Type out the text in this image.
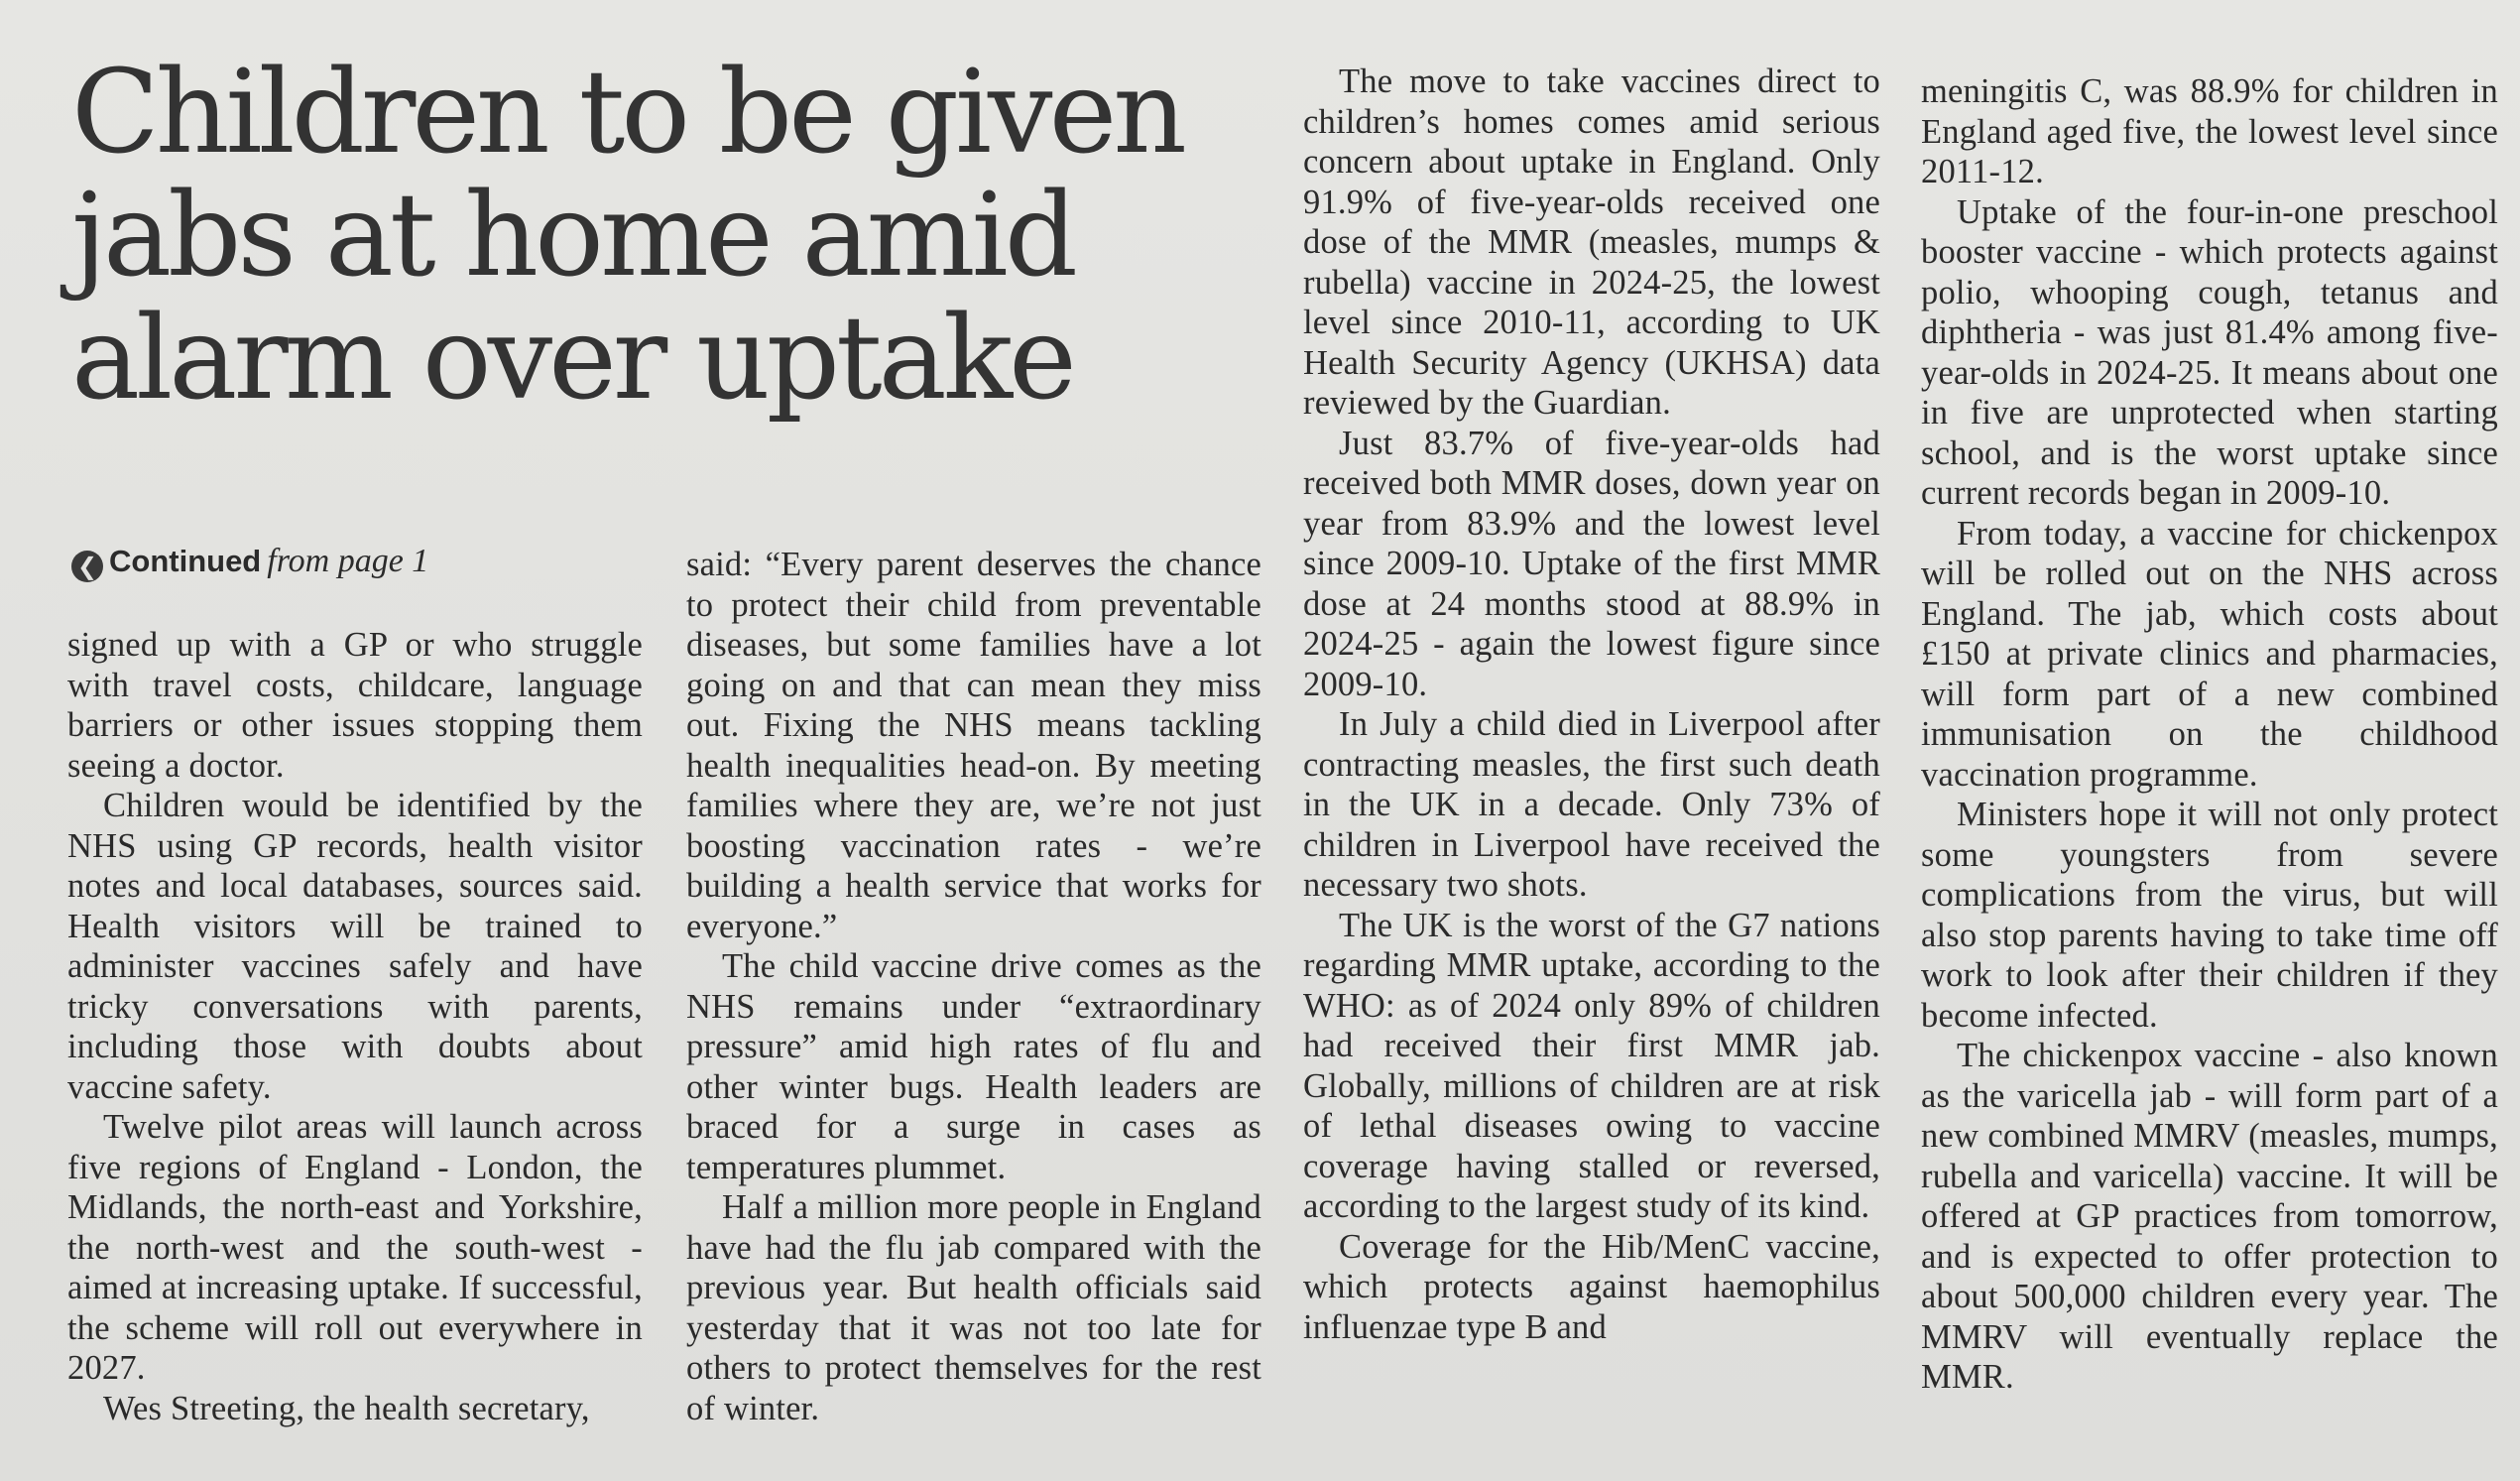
Children to be given
jabs at home amid
alarm over uptake
❮ Continued from page 1

signed up with a GP or who struggle with travel costs, childcare, language barriers or other issues stopping them seeing a doctor.

Children would be identified by the NHS using GP records, health visitor notes and local databases, sources said. Health visitors will be trained to administer vaccines safely and have tricky conversations with parents, including those with doubts about vaccine safety.

Twelve pilot areas will launch across five regions of England - London, the Midlands, the north-east and Yorkshire, the north-west and the south-west - aimed at increasing uptake. If successful, the scheme will roll out everywhere in 2027.

Wes Streeting, the health secretary,

said: “Every parent deserves the chance to protect their child from preventable diseases, but some families have a lot going on and that can mean they miss out. Fixing the NHS means tackling health inequalities head-on. By meeting families where they are, we’re not just boosting vaccination rates - we’re building a health service that works for everyone.”

The child vaccine drive comes as the NHS remains under “extraordinary pressure” amid high rates of flu and other winter bugs. Health leaders are braced for a surge in cases as temperatures plummet.

Half a million more people in England have had the flu jab compared with the previous year. But health officials said yesterday that it was not too late for others to protect themselves for the rest of winter.

The move to take vaccines direct to children’s homes comes amid serious concern about uptake in England. Only 91.9% of five-year-olds received one dose of the MMR (measles, mumps & rubella) vaccine in 2024-25, the lowest level since 2010-11, according to UK Health Security Agency (UKHSA) data reviewed by the Guardian.

Just 83.7% of five-year-olds had received both MMR doses, down year on year from 83.9% and the lowest level since 2009-10. Uptake of the first MMR dose at 24 months stood at 88.9% in 2024-25 - again the lowest figure since 2009-10.

In July a child died in Liverpool after contracting measles, the first such death in the UK in a decade. Only 73% of children in Liverpool have received the necessary two shots.

The UK is the worst of the G7 nations regarding MMR uptake, according to the WHO: as of 2024 only 89% of children had received their first MMR jab. Globally, millions of children are at risk of lethal diseases owing to vaccine coverage having stalled or reversed, according to the largest study of its kind.

Coverage for the Hib/MenC vaccine, which protects against haemophilus influenzae type B and

meningitis C, was 88.9% for children in England aged five, the lowest level since 2011-12.

Uptake of the four-in-one preschool booster vaccine - which protects against polio, whooping cough, tetanus and diphtheria - was just 81.4% among five-year-olds in 2024-25. It means about one in five are unprotected when starting school, and is the worst uptake since current records began in 2009-10.

From today, a vaccine for chickenpox will be rolled out on the NHS across England. The jab, which costs about £150 at private clinics and pharmacies, will form part of a new combined immunisation on the childhood vaccination programme.

Ministers hope it will not only protect some youngsters from severe complications from the virus, but will also stop parents having to take time off work to look after their children if they become infected.

The chickenpox vaccine - also known as the varicella jab - will form part of a new combined MMRV (measles, mumps, rubella and varicella) vaccine. It will be offered at GP practices from tomorrow, and is expected to offer protection to about 500,000 children every year. The MMRV will eventually replace the MMR.
